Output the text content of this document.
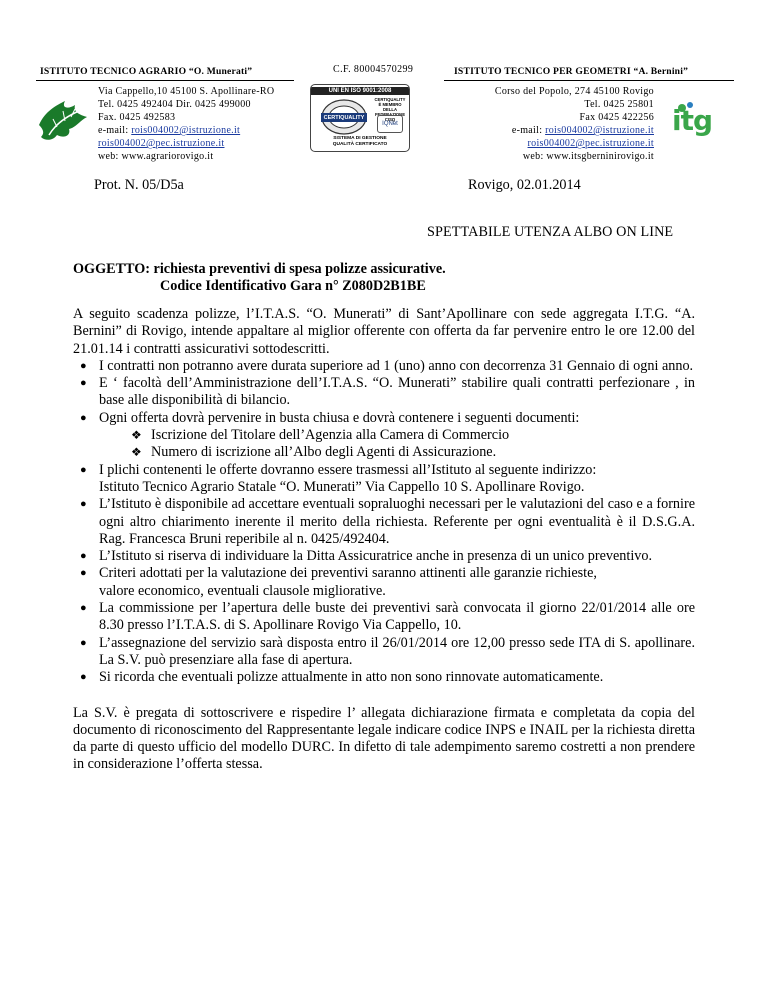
ISTITUTO TECNICO AGRARIO “O. Munerati”	C.F. 80004570299	ISTITUTO TECNICO PER GEOMETRI “A. Bernini”
Via Cappello,10 45100 S. Apollinare-RO
Tel. 0425 492404 Dir. 0425 499000
Fax. 0425 492583
e-mail: rois004002@istruzione.it
rois004002@pec.istruzione.it
web: www.agrariorovigo.it
UNI EN ISO 9001:2008
CERTIQUALITY
CERTIQUALITY
È MEMBRO DELLA
FEDERAZIONE CISQ
IQNet
SISTEMA DI GESTIONE
QUALITÀ CERTIFICATO
Corso del Popolo, 274 45100 Rovigo
Tel. 0425 25801
Fax 0425 422256
e-mail: rois004002@istruzione.it
rois004002@pec.istruzione.it
web: www.itsgberninirovigo.it
itg
Prot. N. 05/D5a	Rovigo, 02.01.2014
SPETTABILE UTENZA ALBO ON LINE
OGGETTO: richiesta preventivi di spesa polizze assicurative.
Codice Identificativo Gara n° Z080D2B1BE
A seguito scadenza polizze, l’I.T.A.S. “O. Munerati” di Sant’Apollinare con sede aggregata I.T.G. “A. Bernini” di Rovigo, intende appaltare al miglior offerente con offerta da far pervenire entro le ore 12.00 del 21.01.14 i contratti assicurativi sottodescritti.
● I contratti non potranno avere durata superiore ad 1 (uno) anno con decorrenza 31 Gennaio di ogni anno.
● E ‘ facoltà dell’Amministrazione dell’I.T.A.S. “O. Munerati” stabilire quali contratti perfezionare , in base alle disponibilità di bilancio.
● Ogni offerta dovrà pervenire in busta chiusa e dovrà contenere i seguenti documenti:
❖ Iscrizione del Titolare dell’Agenzia alla Camera di Commercio
❖ Numero di iscrizione all’Albo degli Agenti di Assicurazione.
● I plichi contenenti le offerte dovranno essere trasmessi all’Istituto al seguente indirizzo:
Istituto Tecnico Agrario Statale “O. Munerati” Via Cappello 10 S. Apollinare Rovigo.
● L’Istituto è disponibile ad accettare eventuali sopraluoghi necessari per le valutazioni del caso e a fornire ogni altro chiarimento inerente il merito della richiesta. Referente per ogni eventualità è il D.S.G.A. Rag. Francesca Bruni reperibile al n. 0425/492404.
● L’Istituto si riserva di individuare la Ditta Assicuratrice anche in presenza di un unico preventivo.
● Criteri adottati per la valutazione dei preventivi saranno attinenti alle garanzie richieste,
valore economico, eventuali clausole migliorative.
● La commissione per l’apertura delle buste dei preventivi sarà convocata il giorno 22/01/2014 alle ore 8.30 presso l’I.T.A.S. di S. Apollinare Rovigo Via Cappello, 10.
● L’assegnazione del servizio sarà disposta entro il 26/01/2014 ore 12,00 presso sede ITA di S. apollinare. La S.V. può presenziare alla fase di apertura.
● Si ricorda che eventuali polizze attualmente in atto non sono rinnovate automaticamente.
La S.V. è pregata di sottoscrivere e rispedire l’ allegata dichiarazione firmata e completata da copia del documento di riconoscimento del Rappresentante legale indicare codice INPS e INAIL per la richiesta diretta da parte di questo ufficio del modello DURC. In difetto di tale adempimento saremo costretti a non prendere in considerazione l’offerta stessa.
